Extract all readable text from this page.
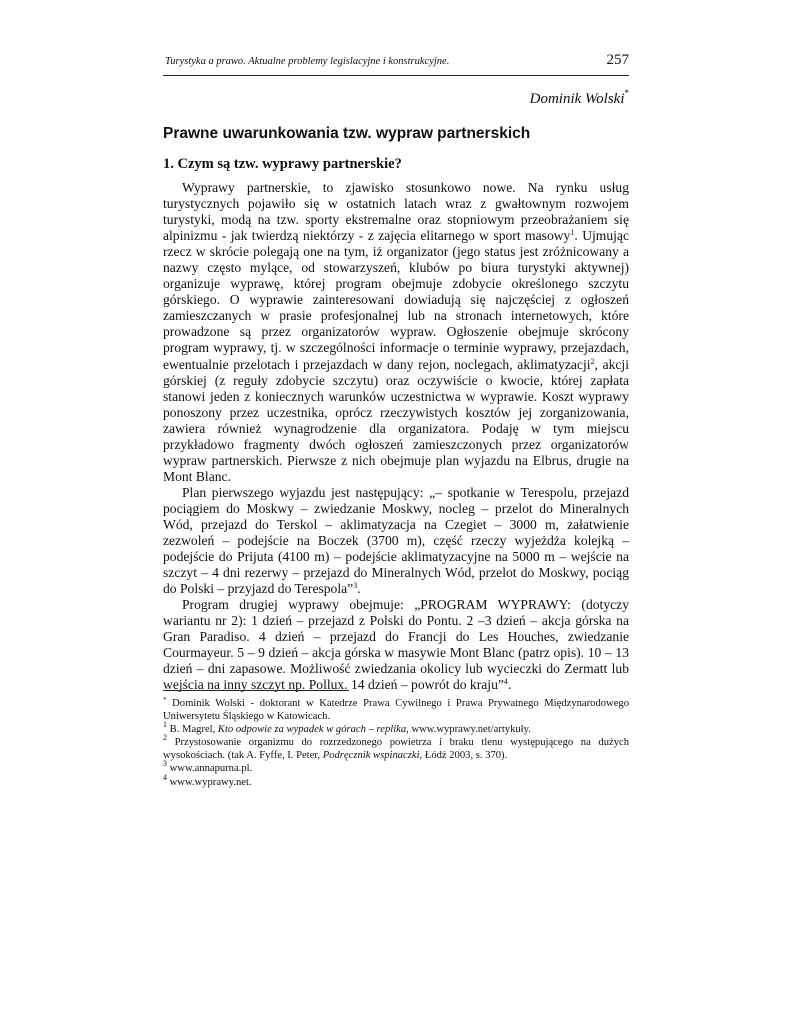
Turystyka a prawo. Aktualne problemy legislacyjne i konstrukcyjne.	257
Dominik Wolski*
Prawne uwarunkowania tzw. wypraw partnerskich
1. Czym są tzw. wyprawy partnerskie?

Wyprawy partnerskie, to zjawisko stosunkowo nowe. Na rynku usług turystycznych pojawiło się w ostatnich latach wraz z gwałtownym rozwojem turystyki, modą na tzw. sporty ekstremalne oraz stopniowym przeobrażaniem się alpinizmu - jak twierdzą niektórzy - z zajęcia elitarnego w sport masowy$^1$. Ujmując rzecz w skrócie polegają one na tym, iż organizator (jego status jest zróżnicowany a nazwy często mylące, od stowarzyszeń, klubów po biura turystyki aktywnej) organizuje wyprawę, której program obejmuje zdobycie określonego szczytu górskiego. O wyprawie zainteresowani dowiadują się najczęściej z ogłoszeń zamieszczanych w prasie profesjonalnej lub na stronach internetowych, które prowadzone są przez organizatorów wypraw. Ogłoszenie obejmuje skrócony program wyprawy, tj. w szczególności informacje o terminie wyprawy, przejazdach, ewentualnie przelotach i przejazdach w dany rejon, noclegach, aklimatyzacji$^2$, akcji górskiej (z reguły zdobycie szczytu) oraz oczywiście o kwocie, której zapłata stanowi jeden z koniecznych warunków uczestnictwa w wyprawie. Koszt wyprawy ponoszony przez uczestnika, oprócz rzeczywistych kosztów jej zorganizowania, zawiera również wynagrodzenie dla organizatora. Podaję w tym miejscu przykładowo fragmenty dwóch ogłoszeń zamieszczonych przez organizatorów wypraw partnerskich. Pierwsze z nich obejmuje plan wyjazdu na Elbrus, drugie na Mont Blanc.

Plan pierwszego wyjazdu jest następujący: „– spotkanie w Terespolu, przejazd pociągiem do Moskwy – zwiedzanie Moskwy, nocleg – przelot do Mineralnych Wód, przejazd do Terskol – aklimatyzacja na Czegiet – 3000 m, załatwienie zezwoleń – podejście na Boczek (3700 m), część rzeczy wyjeżdża kolejką – podejście do Prijuta (4100 m) – podejście aklimatyzacyjne na 5000 m – wejście na szczyt – 4 dni rezerwy – przejazd do Mineralnych Wód, przelot do Moskwy, pociąg do Polski – przyjazd do Terespola”$^3$.

Program drugiej wyprawy obejmuje: „PROGRAM WYPRAWY: (dotyczy wariantu nr 2): 1 dzień – przejazd z Polski do Pontu. 2 –3 dzień – akcja górska na Gran Paradiso. 4 dzień – przejazd do Francji do Les Houches, zwiedzanie Courmayeur. 5 – 9 dzień – akcja górska w masywie Mont Blanc (patrz opis). 10 – 13 dzień – dni zapasowe. Możliwość zwiedzania okolicy lub wycieczki do Zermatt lub wejścia na inny szczyt np. Pollux. 14 dzień – powrót do kraju”$^4$.

* Dominik Wolski - doktorant w Katedrze Prawa Cywilnego i Prawa Prywatnego Międzynarodowego Uniwersytetu Śląskiego w Katowicach.

$^1$ B. Magrel, Kto odpowie za wypadek w górach – replika, www.wyprawy.net/artykuły.

$^2$ Przystosowanie organizmu do rozrzedzonego powietrza i braku tlenu występującego na dużych wysokościach. (tak A. Fyffe, I. Peter, Podręcznik wspinaczki, Łódź 2003, s. 370).

$^3$ www.annapurna.pl.

$^4$ www.wyprawy.net.
